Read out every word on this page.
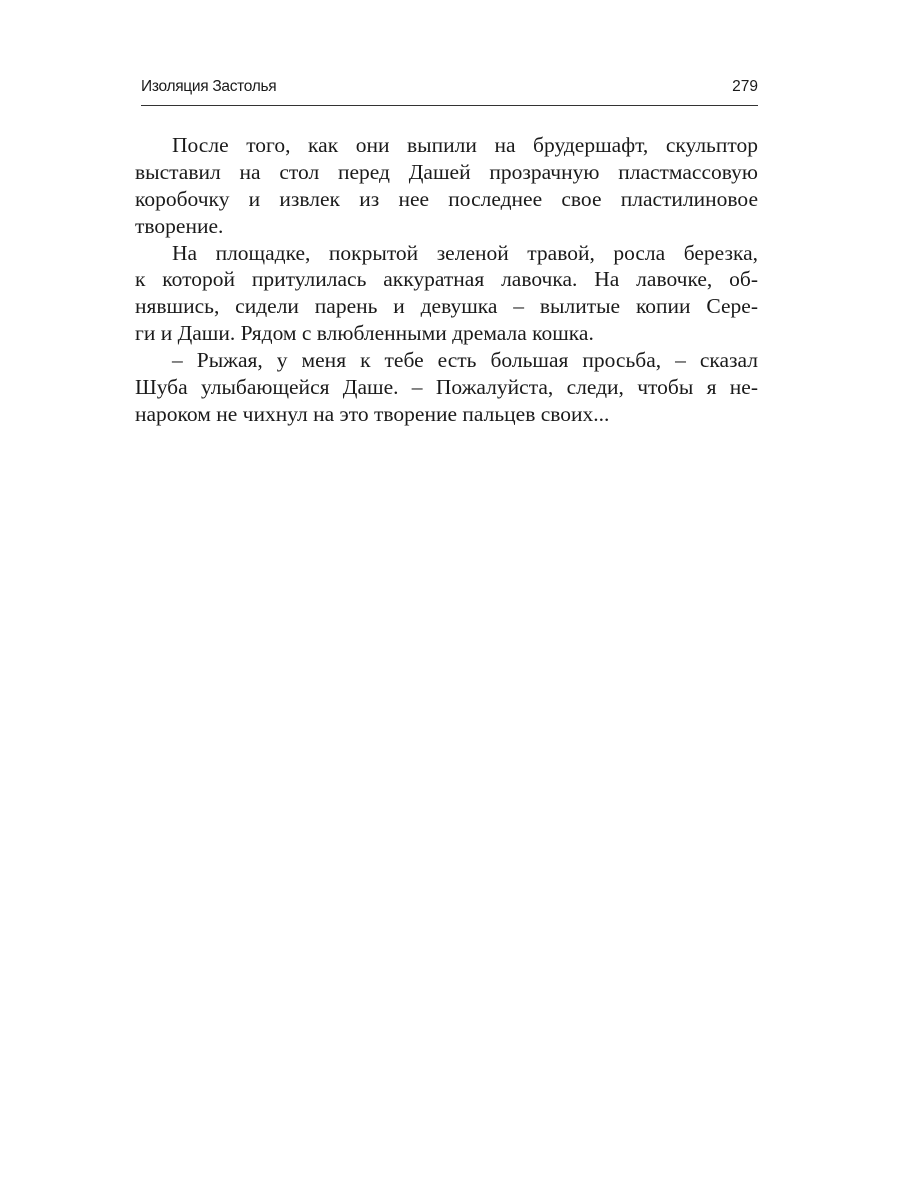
Изоляция Застолья	279
После того, как они выпили на брудершафт, скульптор
выставил на стол перед Дашей прозрачную пластмассовую
коробочку и извлек из нее последнее свое пластилиновое
творение.
На площадке, покрытой зеленой травой, росла березка,
к которой притулилась аккуратная лавочка. На лавочке, об-
нявшись, сидели парень и девушка – вылитые копии Сере-
ги и Даши. Рядом с влюбленными дремала кошка.
– Рыжая, у меня к тебе есть большая просьба, – сказал
Шуба улыбающейся Даше. – Пожалуйста, следи, чтобы я не-
нароком не чихнул на это творение пальцев своих...
